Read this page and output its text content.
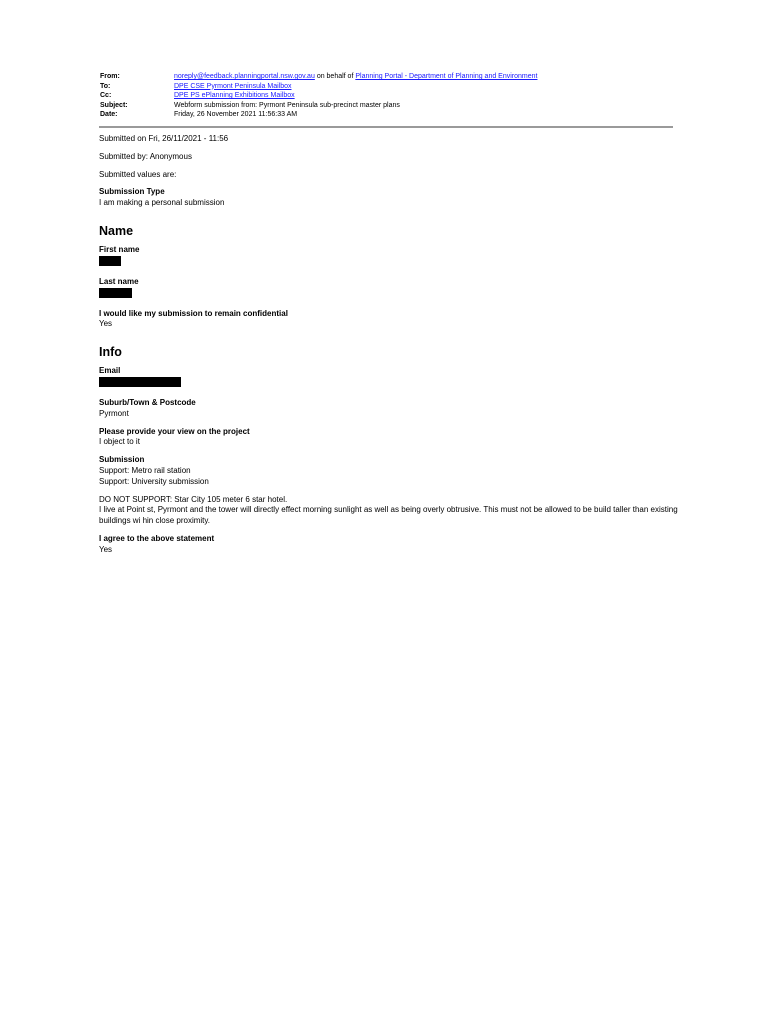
From:	noreply@feedback.planningportal.nsw.gov.au on behalf of Planning Portal - Department of Planning and Environment
To:	DPE CSE Pyrmont Peninsula Mailbox
Cc:	DPE PS ePlanning Exhibitions Mailbox
Subject:	Webform submission from: Pyrmont Peninsula sub-precinct master plans
Date:	Friday, 26 November 2021 11:56:33 AM

Submitted on Fri, 26/11/2021 - 11:56

Submitted by: Anonymous

Submitted values are:

Submission Type

I am making a personal submission

Name

First name

Last name

I would like my submission to remain confidential

Yes

Info

Email

Suburb/Town & Postcode

Pyrmont

Please provide your view on the project

I object to it

Submission

Support: Metro rail station

Support: University submission

DO NOT SUPPORT: Star City 105 meter 6 star hotel.

I live at Point st, Pyrmont and the tower will directly effect morning sunlight as well as being overly obtrusive. This must not be allowed to be build taller than existing buildings wi hin close proximity.

I agree to the above statement

Yes
